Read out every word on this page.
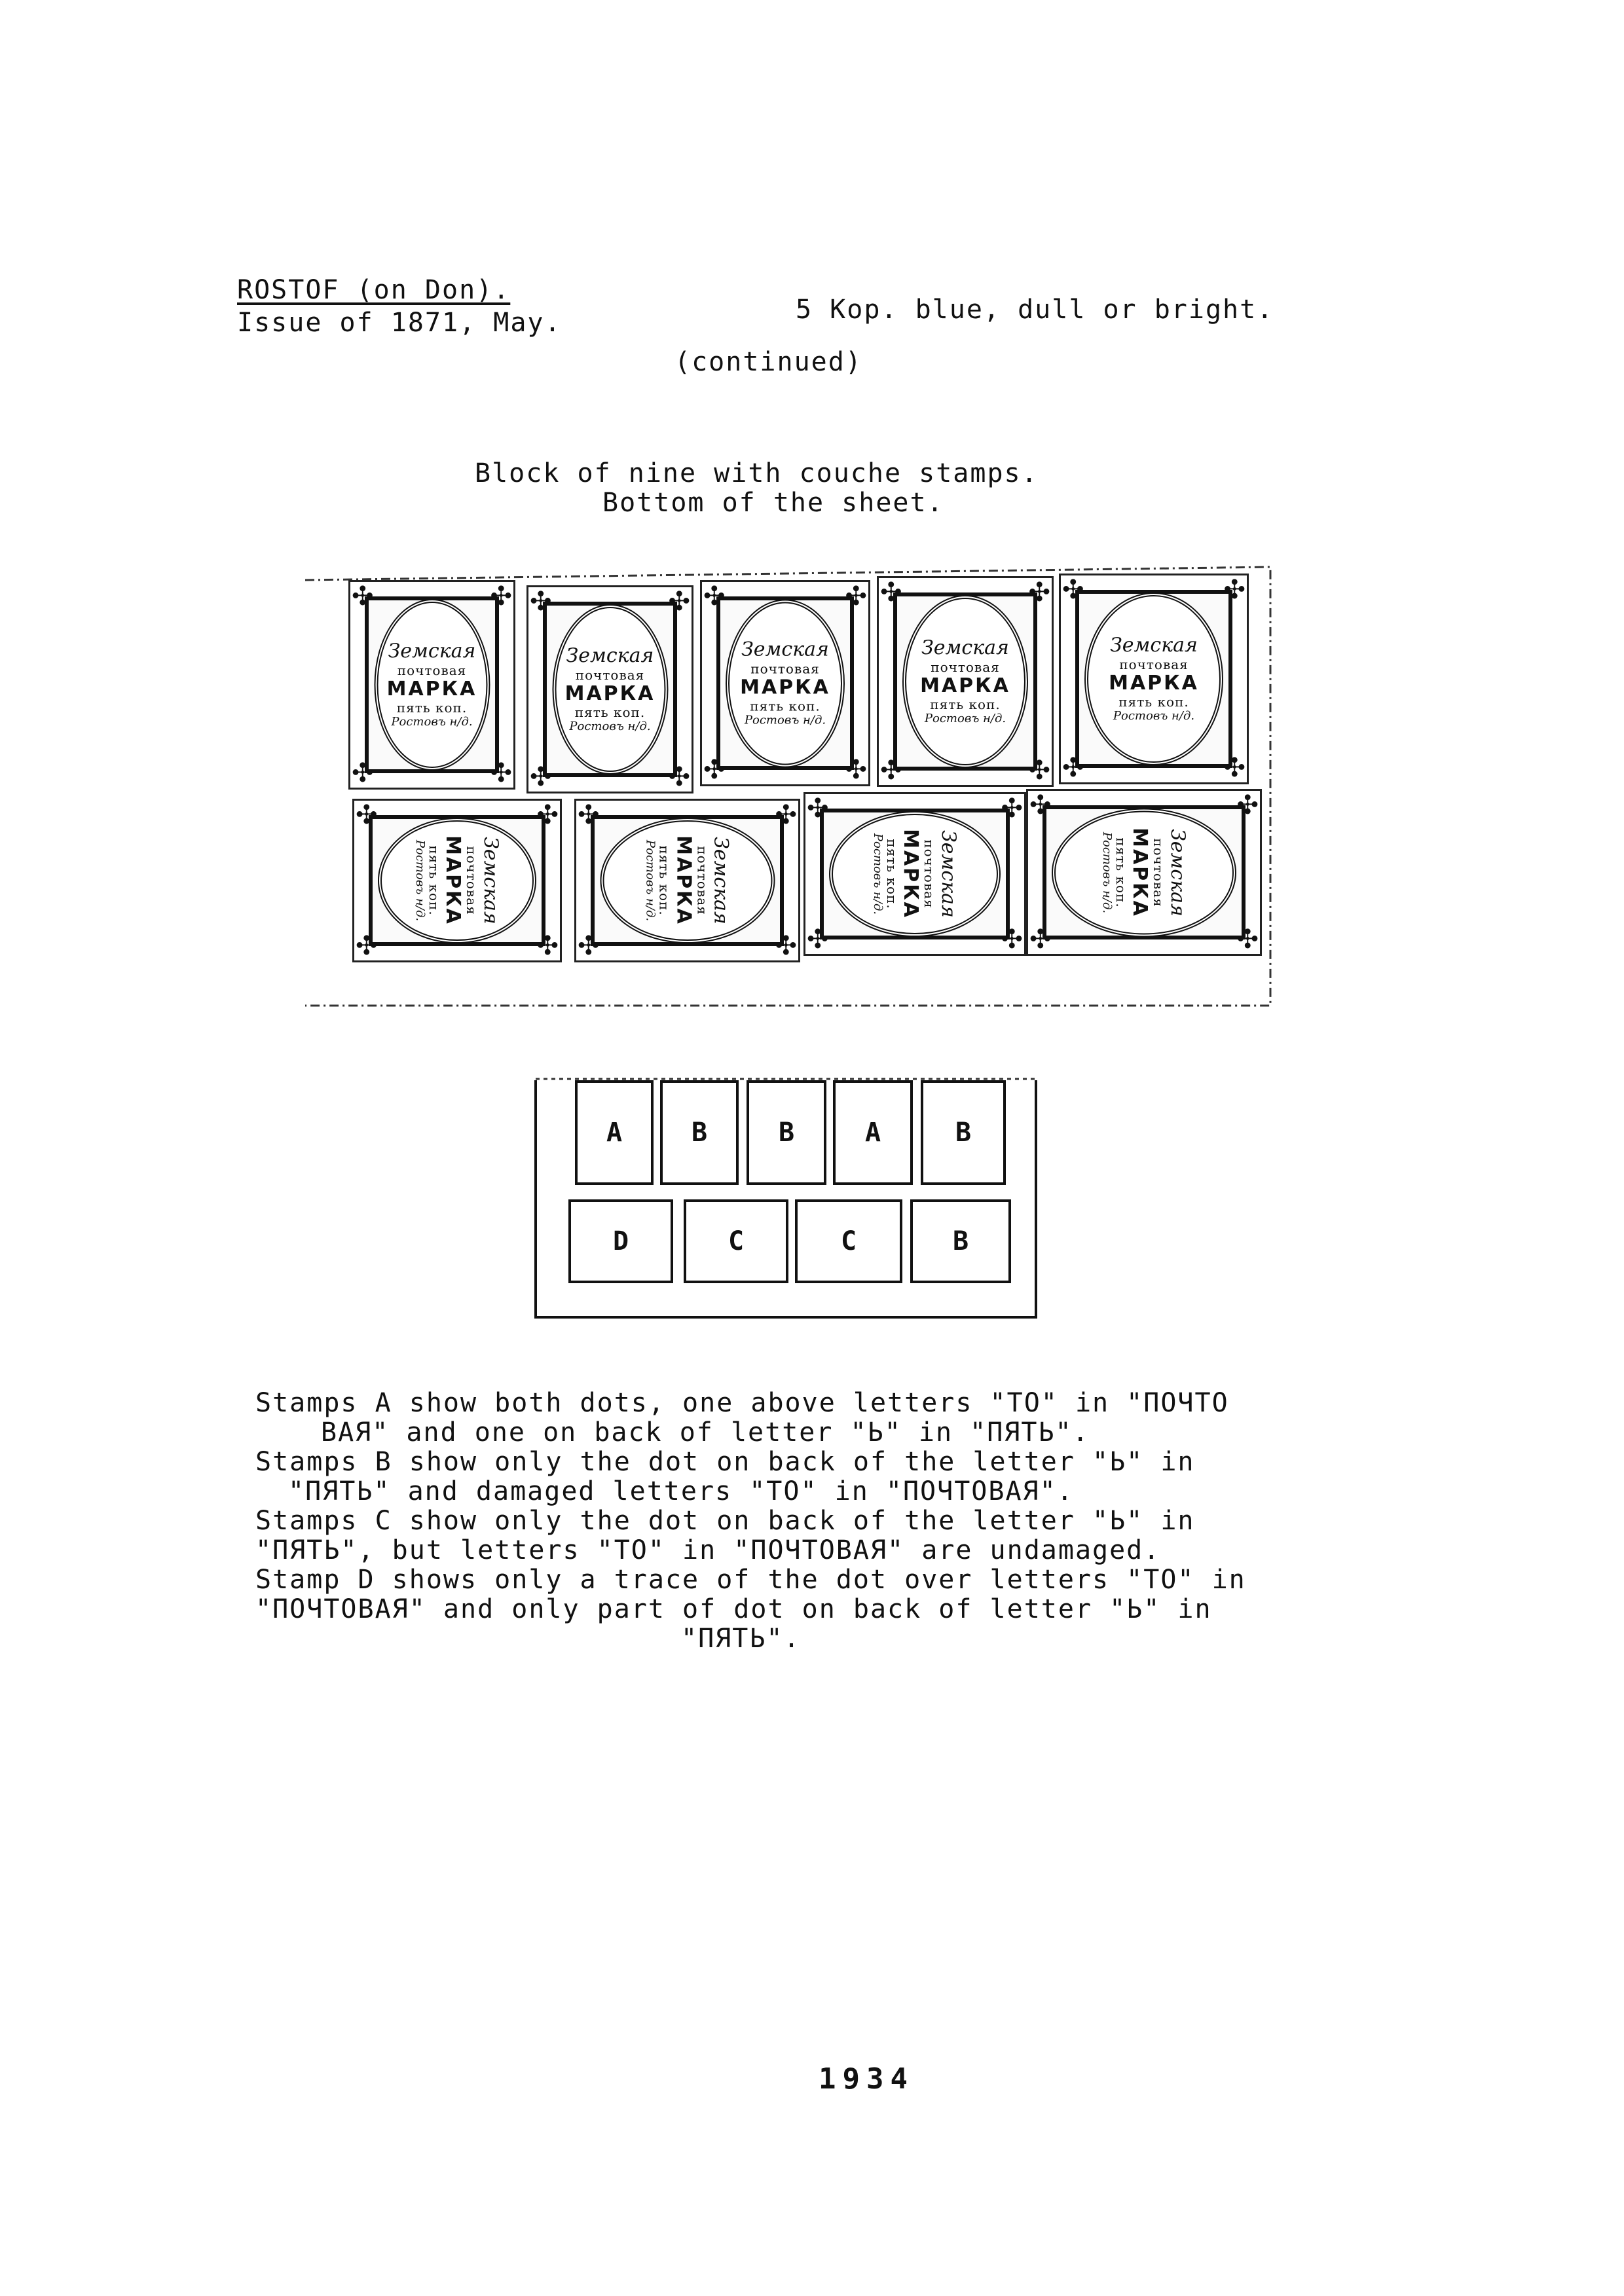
ROSTOF (on Don).
Issue of 1871, May.	5 Kop. blue, dull or bright.
(continued)
Block of nine with couche stamps.
Bottom of the sheet.
✣	✣
✣	✣
Земская
почтовая
МАРКА
пять коп.
Ростовъ н/д.
✣	✣
✣	✣
Земская
почтовая
МАРКА
пять коп.
Ростовъ н/д.
✣	✣
✣	✣
Земская
почтовая
МАРКА
пять коп.
Ростовъ н/д.
✣	✣
✣	✣
Земская
почтовая
МАРКА
пять коп.
Ростовъ н/д.
✣	✣
✣	✣
Земская
почтовая
МАРКА
пять коп.
Ростовъ н/д.
✣	✣
✣	✣
Земская
почтовая
МАРКА
пять коп.
Ростовъ н/д.
✣	✣
✣	✣
Земская
почтовая
МАРКА
пять коп.
Ростовъ н/д.
✣	✣
✣	✣
Земская
почтовая
МАРКА
пять коп.
Ростовъ н/д.
✣	✣
✣	✣
Земская
почтовая
МАРКА
пять коп.
Ростовъ н/д.
A	B	B	A	B
D	C	C	B
Stamps A show both dots, one above letters "TO" in "ПОЧТО
ВАЯ" and one on back of letter "Ь" in "ПЯТЬ".
Stamps B show only the dot on back of the letter "Ь" in
"ПЯТЬ" and damaged letters "TO" in "ПОЧТОВАЯ".
Stamps C show only the dot on back of the letter "Ь" in
"ПЯТЬ", but letters "TO" in "ПОЧТОВАЯ" are undamaged.
Stamp D shows only a trace of the dot over letters "TO" in
"ПОЧТОВАЯ" and only part of dot on back of letter "Ь" in
"ПЯТЬ".
1934
